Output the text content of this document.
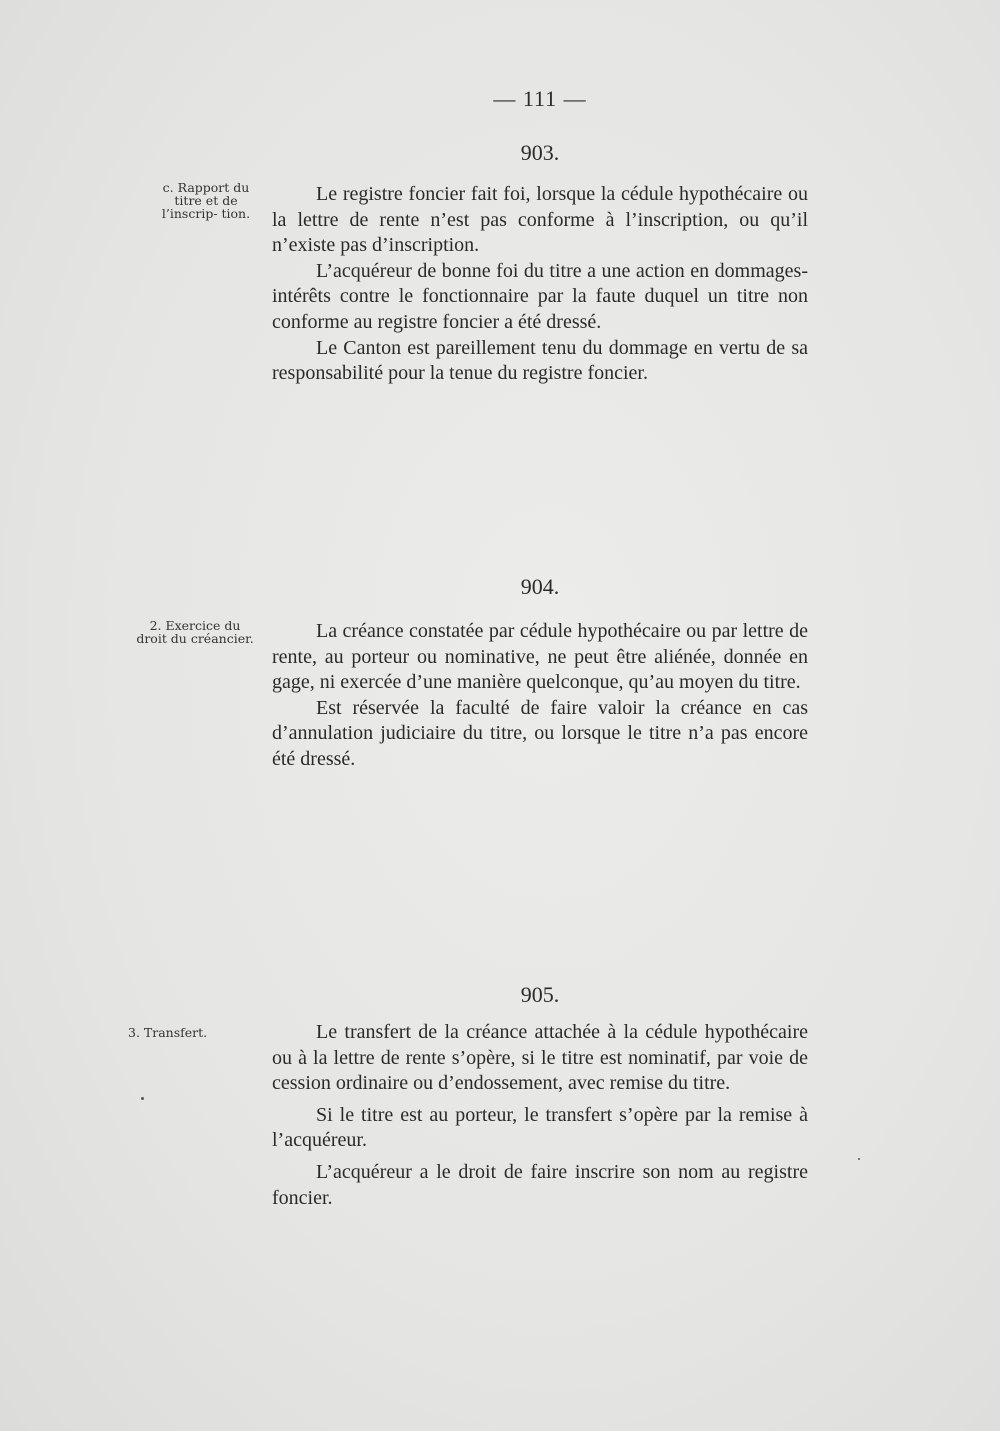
— 111 —
903.
c. Rapport du titre et de l’inscrip- tion.

Le registre foncier fait foi, lorsque la cédule hypothécaire ou la lettre de rente n’est pas conforme à l’inscription, ou qu’il n’existe pas d’inscription.

L’acquéreur de bonne foi du titre a une action en dommages-intérêts contre le fonctionnaire par la faute duquel un titre non conforme au registre foncier a été dressé.

Le Canton est pareillement tenu du dommage en vertu de sa responsabilité pour la tenue du registre foncier.

904.
2. Exercice du droit du créancier.	La créance constatée par cédule hypothécaire ou par lettre de rente, au porteur ou nominative, ne peut être aliénée, donnée en gage, ni exercée d’une manière quelconque, qu’au moyen du titre.

Est réservée la faculté de faire valoir la créance en cas d’annulation judiciaire du titre, ou lorsque le titre n’a pas encore été dressé.

905.
3. Transfert.	Le transfert de la créance attachée à la cédule hypothécaire ou à la lettre de rente s’opère, si le titre est nominatif, par voie de cession ordinaire ou d’endossement, avec remise du titre.

Si le titre est au porteur, le transfert s’opère par la remise à l’acquéreur.

L’acquéreur a le droit de faire inscrire son nom au registre foncier.
